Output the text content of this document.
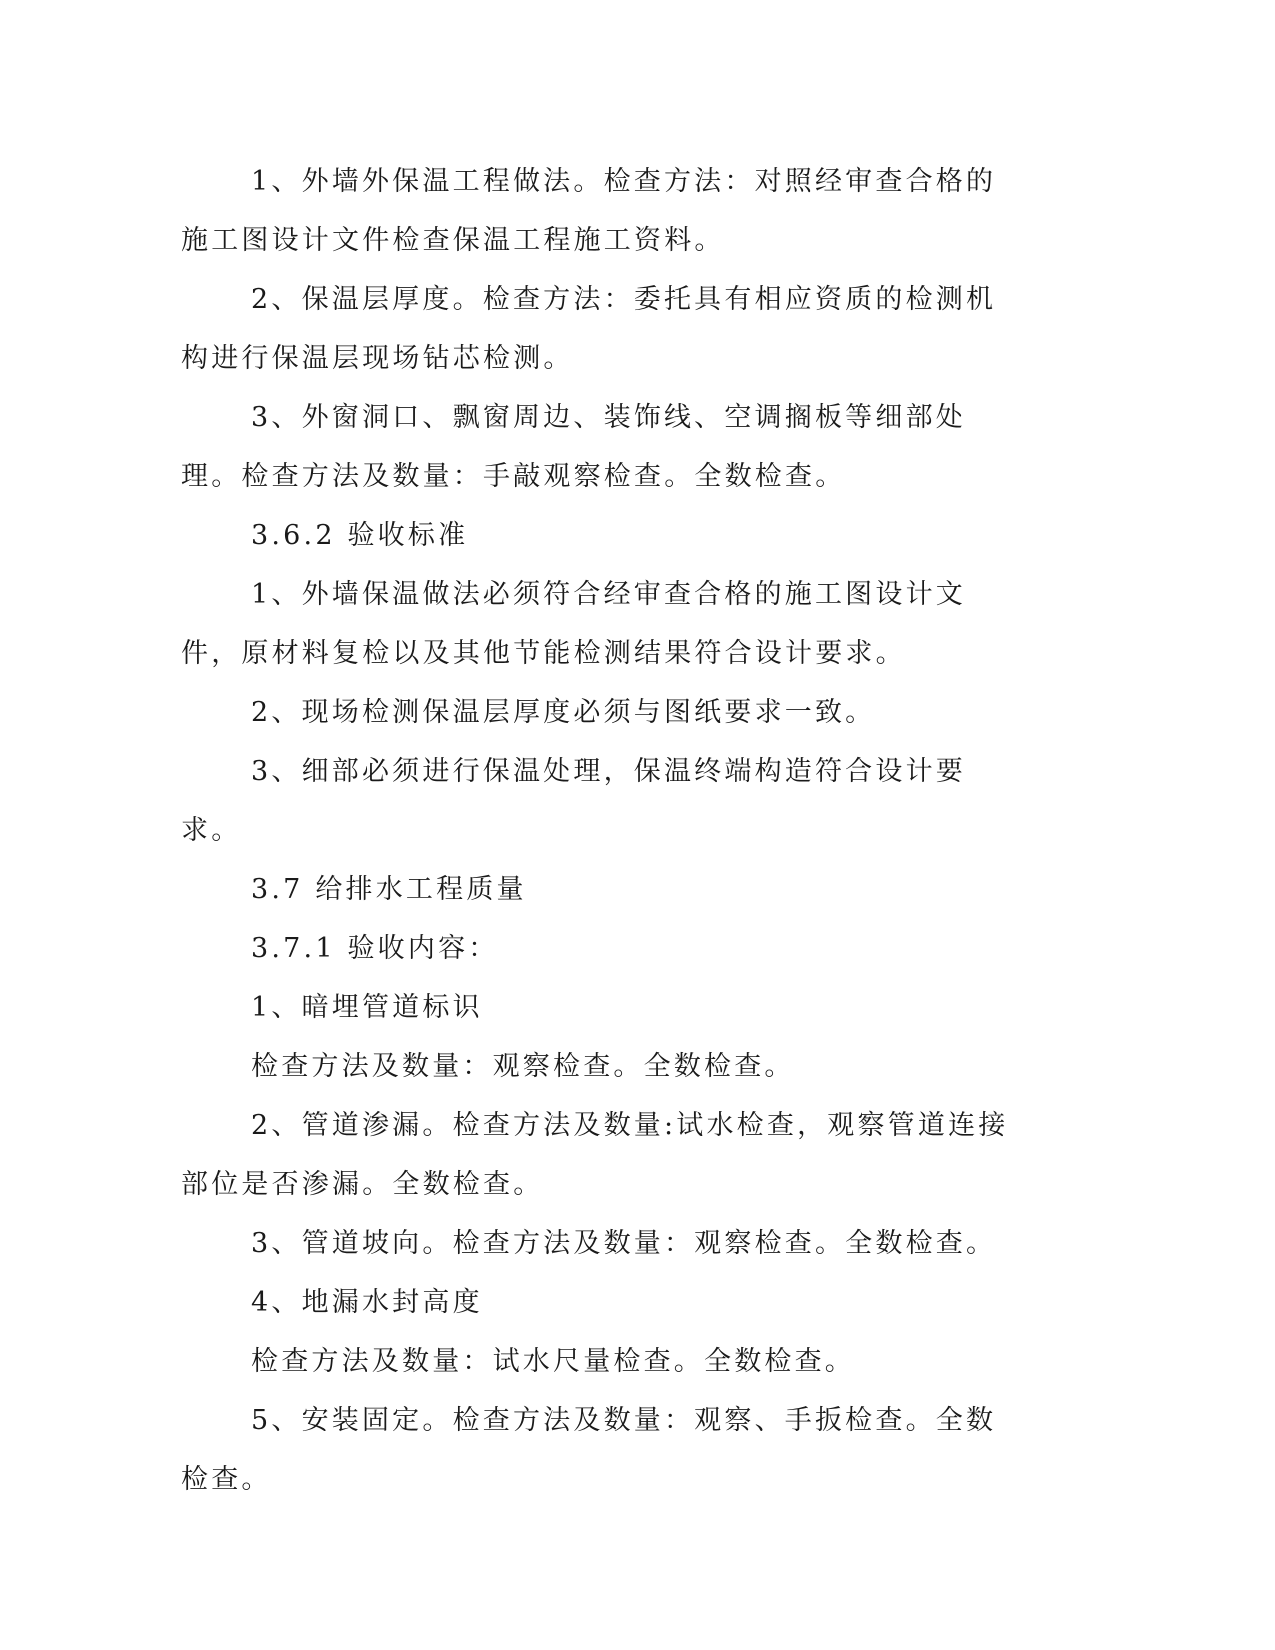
1、外墙外保温工程做法。检查方法：对照经审查合格的施工图设计文件检查保温工程施工资料。

2、保温层厚度。检查方法：委托具有相应资质的检测机构进行保温层现场钻芯检测。

3、外窗洞口、飘窗周边、装饰线、空调搁板等细部处理。检查方法及数量：手敲观察检查。全数检查。

3.6.2 验收标准

1、外墙保温做法必须符合经审查合格的施工图设计文件，原材料复检以及其他节能检测结果符合设计要求。

2、现场检测保温层厚度必须与图纸要求一致。

3、细部必须进行保温处理，保温终端构造符合设计要求。

3.7 给排水工程质量

3.7.1 验收内容：

1、暗埋管道标识

检查方法及数量：观察检查。全数检查。

2、管道渗漏。检查方法及数量:试水检查，观察管道连接部位是否渗漏。全数检查。

3、管道坡向。检查方法及数量：观察检查。全数检查。

4、地漏水封高度

检查方法及数量：试水尺量检查。全数检查。

5、安装固定。检查方法及数量：观察、手扳检查。全数检查。
